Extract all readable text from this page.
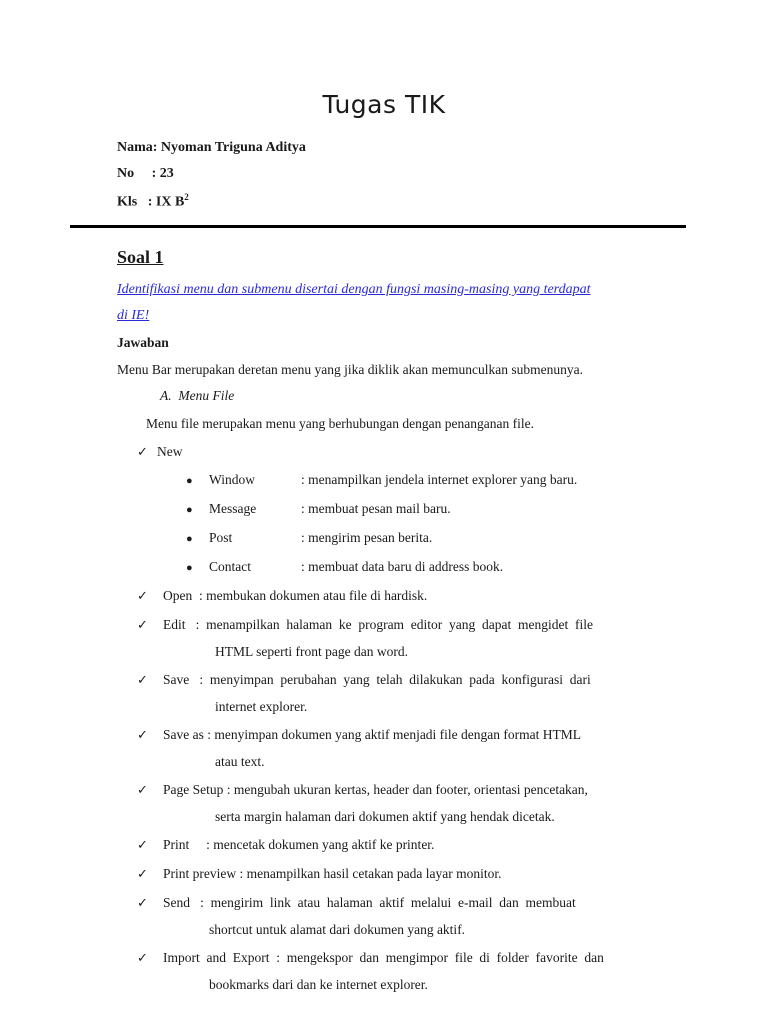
Tugas TIK
Nama: Nyoman Triguna Aditya
No     : 23
Kls   : IX $B^2$
Soal 1
Identifikasi menu dan submenu disertai dengan fungsi masing-masing yang terdapat
di IE!
Jawaban
Menu Bar merupakan deretan menu yang jika diklik akan memunculkan submenunya.
A.  Menu File
Menu file merupakan menu yang berhubungan dengan penanganan file.
✓ New
● Window	: menampilkan jendela internet explorer yang baru.
● Message	: membuat pesan mail baru.
● Post	: mengirim pesan berita.
● Contact	: membuat data baru di address book.
✓ Open  : membukan dokumen atau file di hardisk.
✓ Edit   :  menampilkan  halaman  ke  program  editor  yang  dapat  mengidet  file
HTML seperti front page dan word.
✓ Save   :  menyimpan  perubahan  yang  telah  dilakukan  pada  konfigurasi  dari
internet explorer.
✓ Save as : menyimpan dokumen yang aktif menjadi file dengan format HTML
atau text.
✓ Page Setup : mengubah ukuran kertas, header dan footer, orientasi pencetakan,
serta margin halaman dari dokumen aktif yang hendak dicetak.
✓ Print     : mencetak dokumen yang aktif ke printer.
✓ Print preview : menampilkan hasil cetakan pada layar monitor.
✓ Send   :  mengirim  link  atau  halaman  aktif  melalui  e-mail  dan  membuat
shortcut untuk alamat dari dokumen yang aktif.
✓ Import  and  Export  :  mengekspor  dan  mengimpor  file  di  folder  favorite  dan
bookmarks dari dan ke internet explorer.
